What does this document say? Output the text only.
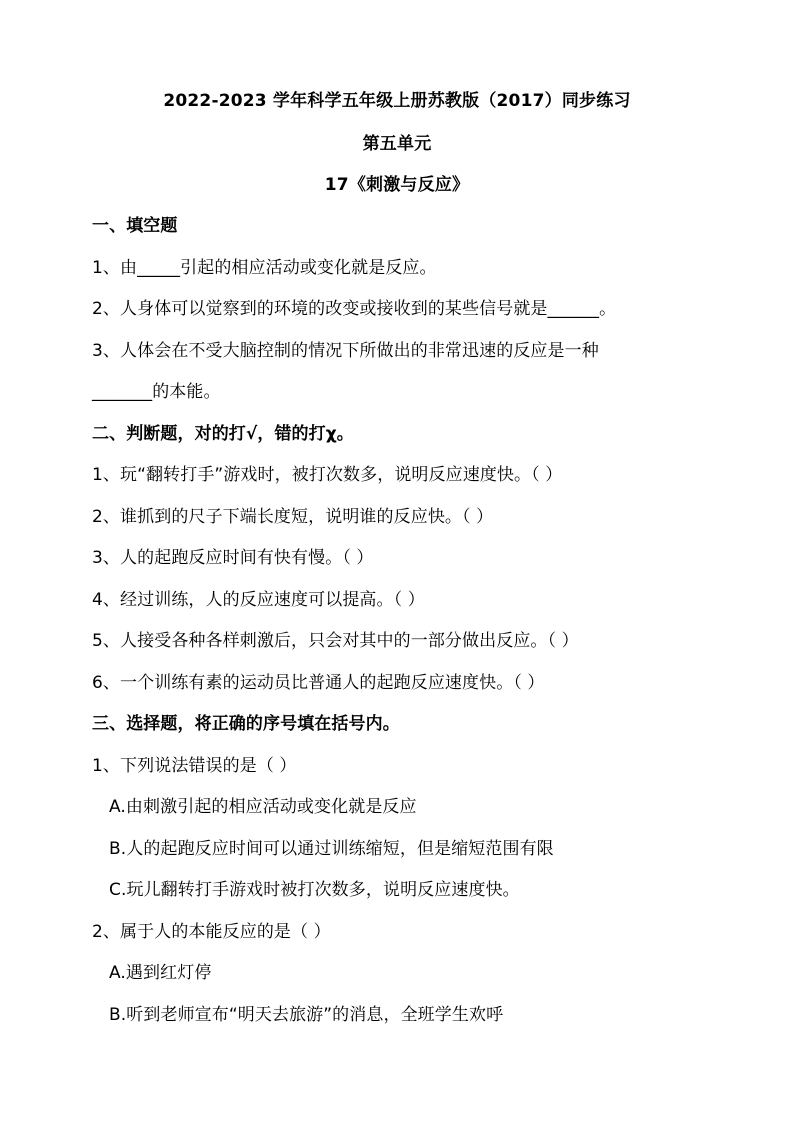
2022-2023 学年科学五年级上册苏教版（2017）同步练习
第五单元
17《刺激与反应》
一、填空题
1、由_____引起的相应活动或变化就是反应。
2、人身体可以觉察到的环境的改变或接收到的某些信号就是______。
3、人体会在不受大脑控制的情况下所做出的非常迅速的反应是一种
_______的本能。
二、判断题，对的打√，错的打χ。
1、玩“翻转打手”游戏时，被打次数多，说明反应速度快。（ ）
2、谁抓到的尺子下端长度短，说明谁的反应快。（ ）
3、人的起跑反应时间有快有慢。（ ）
4、经过训练，人的反应速度可以提高。（ ）
5、人接受各种各样刺激后，只会对其中的一部分做出反应。（ ）
6、一个训练有素的运动员比普通人的起跑反应速度快。（ ）
三、选择题，将正确的序号填在括号内。
1、下列说法错误的是（ ）
A.由刺激引起的相应活动或变化就是反应
B.人的起跑反应时间可以通过训练缩短，但是缩短范围有限
C.玩儿翻转打手游戏时被打次数多，说明反应速度快。
2、属于人的本能反应的是（ ）
A.遇到红灯停
B.听到老师宣布“明天去旅游”的消息，全班学生欢呼
